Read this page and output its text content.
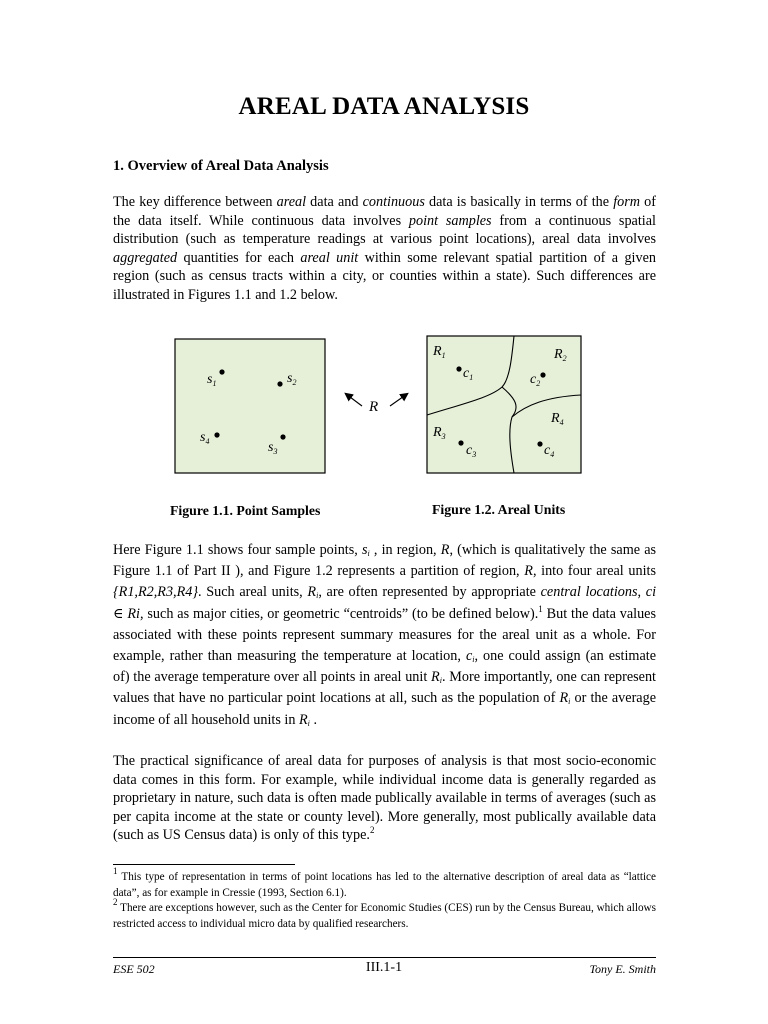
AREAL DATA ANALYSIS
1. Overview of Areal Data Analysis

The key difference between areal data and continuous data is basically in terms of the form of the data itself. While continuous data involves point samples from a continuous spatial distribution (such as temperature readings at various point locations), areal data involves aggregated quantities for each areal unit within some relevant spatial partition of a given region (such as census tracts within a city, or counties within a state). Such differences are illustrated in Figures 1.1 and 1.2 below.

$s_1$	$s_2$
$s_4$	$s_3$
R
$R_1$	$R_2$
$R_3$
$R_4$
$c_1$	$c_2$
$c_3$	$c_4$
Figure 1.1. Point Samples	Figure 1.2. Areal Units

Here Figure 1.1 shows four sample points, $s_i$ , in region, R, (which is qualitatively the same as Figure 1.1 of Part II ), and Figure 1.2 represents a partition of region, R, into four areal units {R1,R2,R3,R4}. Such areal units, $R_i$, are often represented by appropriate central locations, ci ∈ Ri, such as major cities, or geometric “centroids” (to be defined below).$^1$ But the data values associated with these points represent summary measures for the areal unit as a whole. For example, rather than measuring the temperature at location, $c_i$, one could assign (an estimate of) the average temperature over all points in areal unit $R_i$. More importantly, one can represent values that have no particular point locations at all, such as the population of $R_i$ or the average income of all household units in $R_i$ .

The practical significance of areal data for purposes of analysis is that most socio-economic data comes in this form. For example, while individual income data is generally regarded as proprietary in nature, such data is often made publically available in terms of averages (such as per capita income at the state or county level). More generally, most publically available data (such as US Census data) is only of this type.$^2$

$^1$ This type of representation in terms of point locations has led to the alternative description of areal data as “lattice data”, as for example in Cressie (1993, Section 6.1).

$^2$ There are exceptions however, such as the Center for Economic Studies (CES) run by the Census Bureau, which allows restricted access to individual micro data by qualified researchers.

ESE 502	III.1-1	Tony E. Smith
